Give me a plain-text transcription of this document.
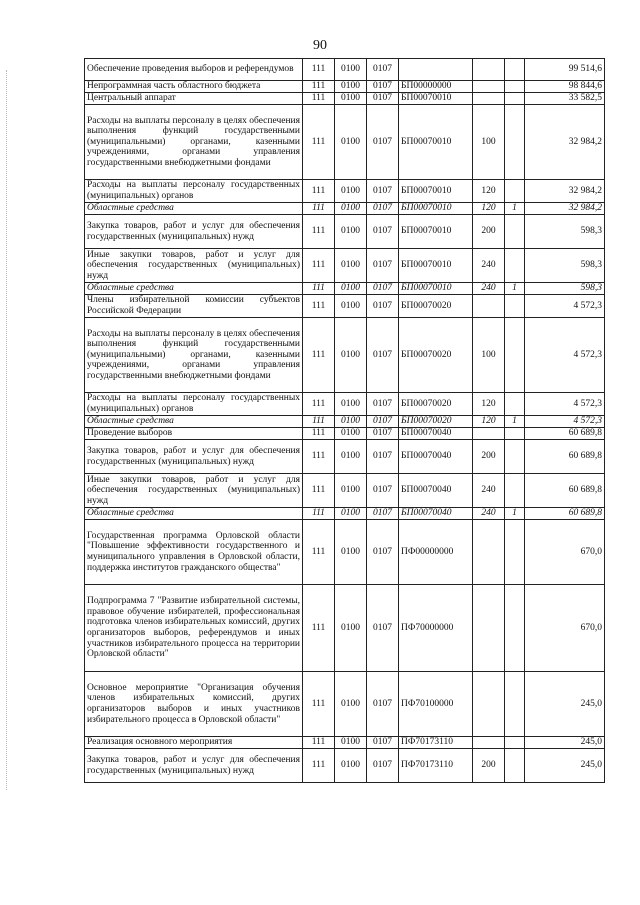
90
Обеспечение проведения выборов и референдумов	111	0100	0107				99 514,6
Непрограммная часть областного бюджета	111	0100	0107	БП00000000			98 844,6
Центральный аппарат	111	0100	0107	БП00070010			33 582,5
Расходы на выплаты персоналу в целях обеспечения выполнения функций государственными (муниципальными) органами, казенными учреждениями, органами управления государственными внебюджетными фондами	111	0100	0107	БП00070010	100		32 984,2
Расходы на выплаты персоналу государственных (муниципальных) органов	111	0100	0107	БП00070010	120		32 984,2
Областные средства	111	0100	0107	БП00070010	120	1	32 984,2
Закупка товаров, работ и услуг для обеспечения государственных (муниципальных) нужд	111	0100	0107	БП00070010	200		598,3
Иные закупки товаров, работ и услуг для обеспечения государственных (муниципальных) нужд	111	0100	0107	БП00070010	240		598,3
Областные средства	111	0100	0107	БП00070010	240	1	598,3
Члены избирательной комиссии субъектов Российской Федерации	111	0100	0107	БП00070020			4 572,3
Расходы на выплаты персоналу в целях обеспечения выполнения функций государственными (муниципальными) органами, казенными учреждениями, органами управления государственными внебюджетными фондами	111	0100	0107	БП00070020	100		4 572,3
Расходы на выплаты персоналу государственных (муниципальных) органов	111	0100	0107	БП00070020	120		4 572,3
Областные средства	111	0100	0107	БП00070020	120	1	4 572,3
Проведение выборов	111	0100	0107	БП00070040			60 689,8
Закупка товаров, работ и услуг для обеспечения государственных (муниципальных) нужд	111	0100	0107	БП00070040	200		60 689,8
Иные закупки товаров, работ и услуг для обеспечения государственных (муниципальных) нужд	111	0100	0107	БП00070040	240		60 689,8
Областные средства	111	0100	0107	БП00070040	240	1	60 689,8
Государственная программа Орловской области "Повышение эффективности государственного и муниципального управления в Орловской области, поддержка институтов гражданского общества"	111	0100	0107	ПФ00000000			670,0
Подпрограмма 7 "Развитие избирательной системы, правовое обучение избирателей, профессиональная подготовка членов избирательных комиссий, других организаторов выборов, референдумов и иных участников избирательного процесса на территории Орловской области"	111	0100	0107	ПФ70000000			670,0
Основное мероприятие "Организация обучения членов избирательных комиссий, других организаторов выборов и иных участников избирательного процесса в Орловской области"	111	0100	0107	ПФ70100000			245,0
Реализация основного мероприятия	111	0100	0107	ПФ70173110			245,0
Закупка товаров, работ и услуг для обеспечения государственных (муниципальных) нужд	111	0100	0107	ПФ70173110	200		245,0
